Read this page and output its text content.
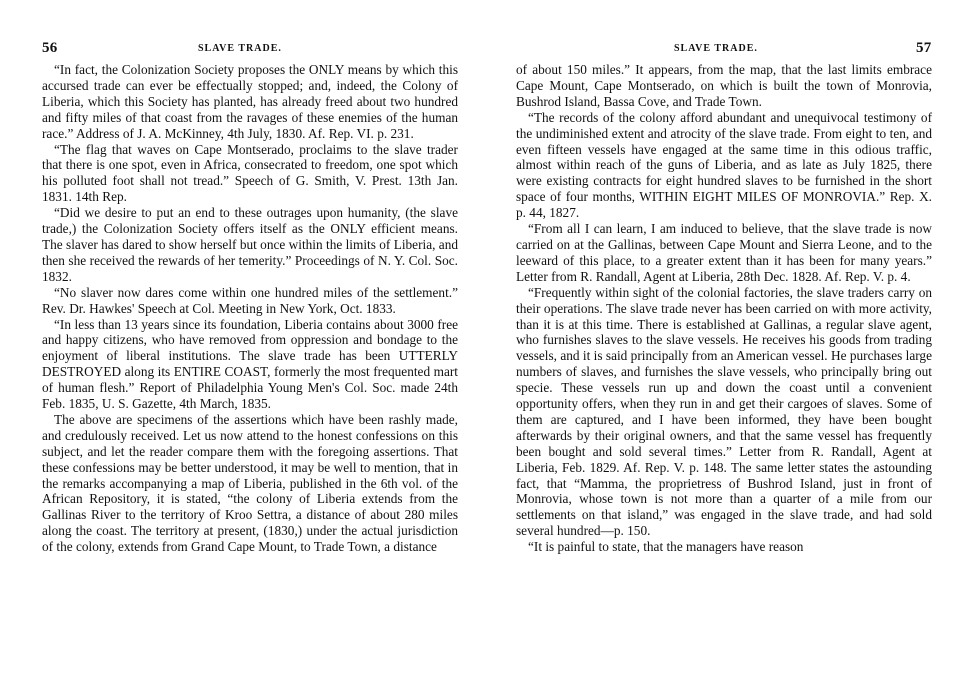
56	SLAVE TRADE.

“In fact, the Colonization Society proposes the ONLY means by which this accursed trade can ever be effectually stopped; and, indeed, the Colony of Liberia, which this Society has planted, has already freed about two hundred and fifty miles of that coast from the ravages of these enemies of the human race.” Address of J. A. McKinney, 4th July, 1830. Af. Rep. VI. p. 231.

“The flag that waves on Cape Montserado, proclaims to the slave trader that there is one spot, even in Africa, consecrated to freedom, one spot which his polluted foot shall not tread.” Speech of G. Smith, V. Prest. 13th Jan. 1831. 14th Rep.

“Did we desire to put an end to these outrages upon humanity, (the slave trade,) the Colonization Society offers itself as the ONLY efficient means. The slaver has dared to show herself but once within the limits of Liberia, and then she received the rewards of her temerity.” Proceedings of N. Y. Col. Soc. 1832.

“No slaver now dares come within one hundred miles of the settlement.” Rev. Dr. Hawkes' Speech at Col. Meeting in New York, Oct. 1833.

“In less than 13 years since its foundation, Liberia contains about 3000 free and happy citizens, who have removed from oppression and bondage to the enjoyment of liberal institutions. The slave trade has been UTTERLY DESTROYED along its ENTIRE COAST, formerly the most frequented mart of human flesh.” Report of Philadelphia Young Men's Col. Soc. made 24th Feb. 1835, U. S. Gazette, 4th March, 1835.

The above are specimens of the assertions which have been rashly made, and credulously received. Let us now attend to the honest confessions on this subject, and let the reader compare them with the foregoing assertions. That these confessions may be better understood, it may be well to mention, that in the remarks accompanying a map of Liberia, published in the 6th vol. of the African Repository, it is stated, “the colony of Liberia extends from the Gallinas River to the territory of Kroo Settra, a distance of about 280 miles along the coast. The territory at present, (1830,) under the actual jurisdiction of the colony, extends from Grand Cape Mount, to Trade Town, a distance

SLAVE TRADE.	57

of about 150 miles.” It appears, from the map, that the last limits embrace Cape Mount, Cape Montserado, on which is built the town of Monrovia, Bushrod Island, Bassa Cove, and Trade Town.

“The records of the colony afford abundant and unequivocal testimony of the undiminished extent and atrocity of the slave trade. From eight to ten, and even fifteen vessels have engaged at the same time in this odious traffic, almost within reach of the guns of Liberia, and as late as July 1825, there were existing contracts for eight hundred slaves to be furnished in the short space of four months, WITHIN EIGHT MILES OF MONROVIA.” Rep. X. p. 44, 1827.

“From all I can learn, I am induced to believe, that the slave trade is now carried on at the Gallinas, between Cape Mount and Sierra Leone, and to the leeward of this place, to a greater extent than it has been for many years.” Letter from R. Randall, Agent at Liberia, 28th Dec. 1828. Af. Rep. V. p. 4.

“Frequently within sight of the colonial factories, the slave traders carry on their operations. The slave trade never has been carried on with more activity, than it is at this time. There is established at Gallinas, a regular slave agent, who furnishes slaves to the slave vessels. He receives his goods from trading vessels, and it is said principally from an American vessel. He purchases large numbers of slaves, and furnishes the slave vessels, who principally bring out specie. These vessels run up and down the coast until a convenient opportunity offers, when they run in and get their cargoes of slaves. Some of them are captured, and I have been informed, they have been bought afterwards by their original owners, and that the same vessel has frequently been bought and sold several times.” Letter from R. Randall, Agent at Liberia, Feb. 1829. Af. Rep. V. p. 148. The same letter states the astounding fact, that “Mamma, the proprietress of Bushrod Island, just in front of Monrovia, whose town is not more than a quarter of a mile from our settlements on that island,” was engaged in the slave trade, and had sold several hundred—p. 150.

“It is painful to state, that the managers have reason
